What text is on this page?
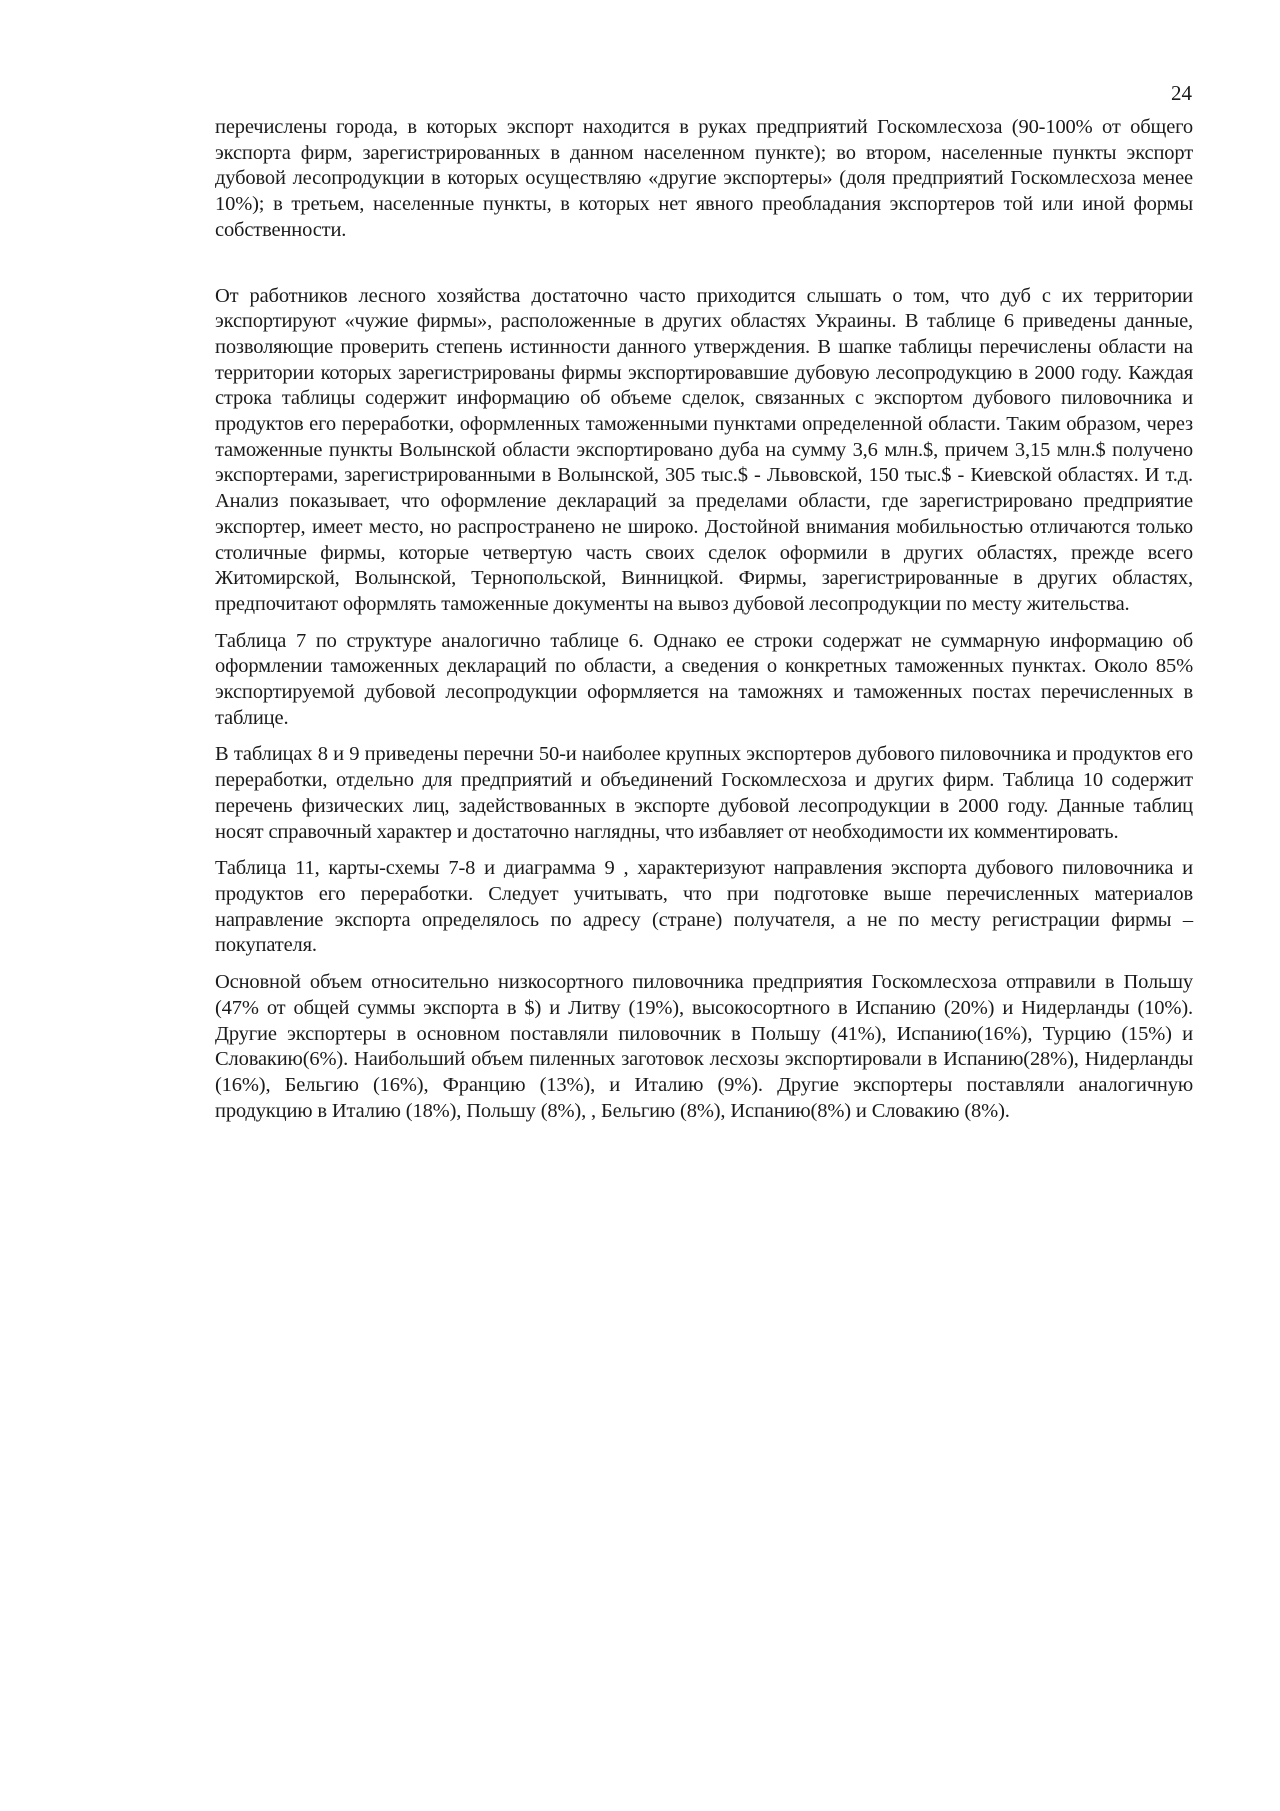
24

перечислены города, в которых экспорт находится в руках предприятий Госкомлесхоза (90-100% от общего экспорта фирм, зарегистрированных в данном населенном пункте); во втором, населенные пункты экспорт дубовой лесопродукции в которых осуществляю «другие экспортеры» (доля предприятий Госкомлесхоза менее 10%); в третьем, населенные пункты, в которых нет явного преобладания экспортеров той или иной формы собственности.

От работников лесного хозяйства достаточно часто приходится слышать о том, что дуб с их территории экспортируют «чужие фирмы», расположенные в других областях Украины. В таблице 6 приведены данные, позволяющие проверить степень истинности данного утверждения. В шапке таблицы перечислены области на территории которых зарегистрированы фирмы экспортировавшие дубовую лесопродукцию в 2000 году. Каждая строка таблицы содержит информацию об объеме сделок, связанных с экспортом дубового пиловочника и продуктов его переработки, оформленных таможенными пунктами определенной области. Таким образом, через таможенные пункты Волынской области экспортировано дуба на сумму 3,6 млн.$, причем 3,15 млн.$ получено экспортерами, зарегистрированными в Волынской, 305 тыс.$ - Львовской, 150 тыс.$ - Киевской областях. И т.д. Анализ показывает, что оформление деклараций за пределами области, где зарегистрировано предприятие экспортер, имеет место, но распространено не широко. Достойной внимания мобильностью отличаются только столичные фирмы, которые четвертую часть своих сделок оформили в других областях, прежде всего Житомирской, Волынской, Тернопольской, Винницкой. Фирмы, зарегистрированные в других областях, предпочитают оформлять таможенные документы на вывоз дубовой лесопродукции по месту жительства.

Таблица 7 по структуре аналогично таблице 6. Однако ее строки содержат не суммарную информацию об оформлении таможенных деклараций по области, а сведения о конкретных таможенных пунктах. Около 85% экспортируемой дубовой лесопродукции оформляется на таможнях и таможенных постах перечисленных в таблице.

В таблицах 8 и 9 приведены перечни 50-и наиболее крупных экспортеров дубового пиловочника и продуктов его переработки, отдельно для предприятий и объединений Госкомлесхоза и других фирм. Таблица 10 содержит перечень физических лиц, задействованных в экспорте дубовой лесопродукции в 2000 году. Данные таблиц носят справочный характер и достаточно наглядны, что избавляет от необходимости их комментировать.

Таблица 11, карты-схемы 7-8 и диаграмма 9 , характеризуют направления экспорта дубового пиловочника и продуктов его переработки. Следует учитывать, что при подготовке выше перечисленных материалов направление экспорта определялось по адресу (стране) получателя, а не по месту регистрации фирмы – покупателя.

Основной объем относительно низкосортного пиловочника предприятия Госкомлесхоза отправили в Польшу (47% от общей суммы экспорта в $) и Литву (19%), высокосортного в Испанию (20%) и Нидерланды (10%). Другие экспортеры в основном поставляли пиловочник в Польшу (41%), Испанию(16%), Турцию (15%) и Словакию(6%). Наибольший объем пиленных заготовок лесхозы экспортировали в Испанию(28%), Нидерланды (16%), Бельгию (16%), Францию (13%), и Италию (9%). Другие экспортеры поставляли аналогичную продукцию в Италию (18%), Польшу (8%), , Бельгию (8%), Испанию(8%) и Словакию (8%).
